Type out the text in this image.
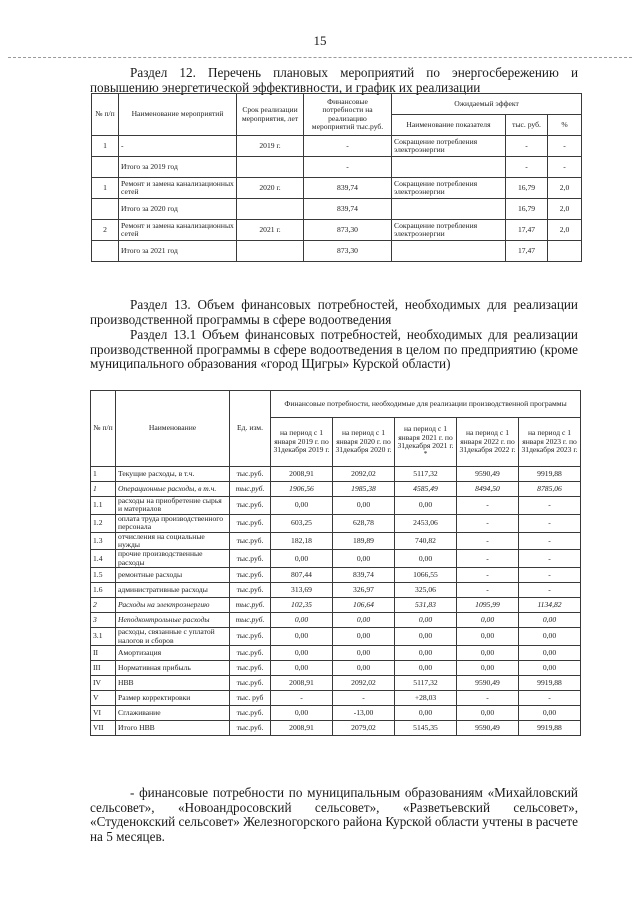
15

Раздел 12. Перечень плановых мероприятий по энергосбережению и повышению энергетической эффективности, и график их реализации

№ п/п	Наименование мероприятий	Срок реализации мероприятия, лет	Финансовые потребности на реализацию мероприятий тыс.руб.	Ожидаемый эффект		
				Наименование показателя	тыс. руб.	%
1	-	2019 г.	-	Сокращение потребления электроэнергии	-	-
	Итого за 2019 год		-		-	-
1	Ремонт и замена канализационных сетей	2020 г.	839,74	Сокращение потребления электроэнергии	16,79	2,0
	Итого за 2020 год		839,74		16,79	2,0
2	Ремонт и замена канализационных сетей	2021 г.	873,30	Сокращение потребления электроэнергии	17,47	2,0
	Итого за 2021 год		873,30		17,47	

Раздел 13. Объем финансовых потребностей, необходимых для реализации производственной программы в сфере водоотведения

Раздел 13.1 Объем финансовых потребностей, необходимых для реализации производственной программы в сфере водоотведения в целом по предприятию (кроме муниципального образования «город Щигры» Курской области)

№ п/п	Наименование	Ед. изм.	Финансовые потребности, необходимые для реализации производственной программы				
			на период с 1 января 2019 г. по 31декабря 2019 г.	на период с 1 января 2020 г. по 31декабря 2020 г.	на период с 1 января 2021 г. по 31декабря 2021 г. *	на период с 1 января 2022 г. по 31декабря 2022 г.	на период с 1 января 2023 г. по 31декабря 2023 г.
1	Текущие расходы, в т.ч.	тыс.руб.	2008,91	2092,02	5117,32	9590,49	9919,88
1	Операционные расходы, в т.ч.	тыс.руб.	1906,56	1985,38	4585,49	8494,50	8785,06
1.1	расходы на приобретение сырья и материалов	тыс.руб.	0,00	0,00	0,00	-	-
1.2	оплата труда производственного персонала	тыс.руб.	603,25	628,78	2453,06	-	-
1.3	отчисления на социальные нужды	тыс.руб.	182,18	189,89	740,82	-	-
1.4	прочие производственные расходы	тыс.руб.	0,00	0,00	0,00	-	-
1.5	ремонтные расходы	тыс.руб.	807,44	839,74	1066,55	-	-
1.6	административные расходы	тыс.руб.	313,69	326,97	325,06	-	-
2	Расходы на электроэнергию	тыс.руб.	102,35	106,64	531,83	1095,99	1134,82
3	Неподконтрольные расходы	тыс.руб.	0,00	0,00	0,00	0,00	0,00
3.1	расходы, связанные с уплатой налогов и сборов	тыс.руб.	0,00	0,00	0,00	0,00	0,00
II	Амортизация	тыс.руб.	0,00	0,00	0,00	0,00	0,00
III	Нормативная прибыль	тыс.руб.	0,00	0,00	0,00	0,00	0,00
IV	НВВ	тыс.руб.	2008,91	2092,02	5117,32	9590,49	9919,88
V	Размер корректировки	тыс. руб	-	-	+28,03	-	-
VI	Сглаживание	тыс.руб.	0,00	-13,00	0,00	0,00	0,00
VII	Итого НВВ	тыс.руб.	2008,91	2079,02	5145,35	9590,49	9919,88

- финансовые потребности по муниципальным образованиям «Михайловский сельсовет», «Новоандросовский сельсовет», «Разветьевский сельсовет», «Студенокский сельсовет» Железногорского района Курской области учтены в расчете на 5 месяцев.
